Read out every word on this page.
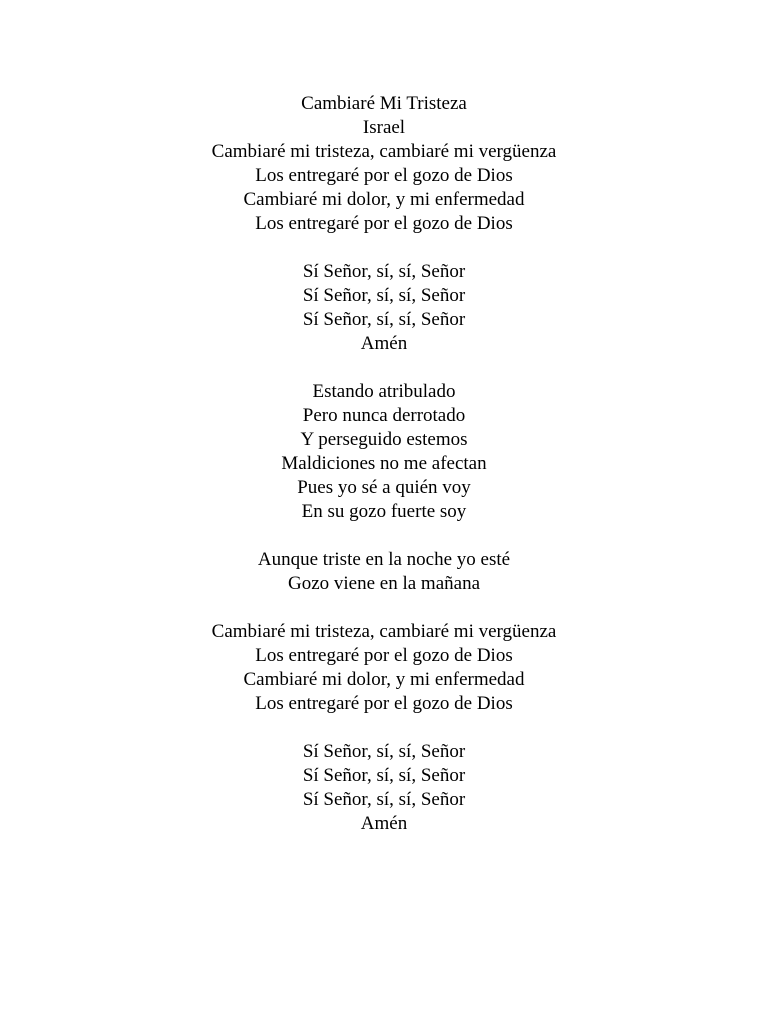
Cambiaré Mi Tristeza
Israel
Cambiaré mi tristeza, cambiaré mi vergüenza
Los entregaré por el gozo de Dios
Cambiaré mi dolor, y mi enfermedad
Los entregaré por el gozo de Dios
Sí Señor, sí, sí, Señor
Sí Señor, sí, sí, Señor
Sí Señor, sí, sí, Señor
Amén
Estando atribulado
Pero nunca derrotado
Y perseguido estemos
Maldiciones no me afectan
Pues yo sé a quién voy
En su gozo fuerte soy
Aunque triste en la noche yo esté
Gozo viene en la mañana
Cambiaré mi tristeza, cambiaré mi vergüenza
Los entregaré por el gozo de Dios
Cambiaré mi dolor, y mi enfermedad
Los entregaré por el gozo de Dios
Sí Señor, sí, sí, Señor
Sí Señor, sí, sí, Señor
Sí Señor, sí, sí, Señor
Amén
